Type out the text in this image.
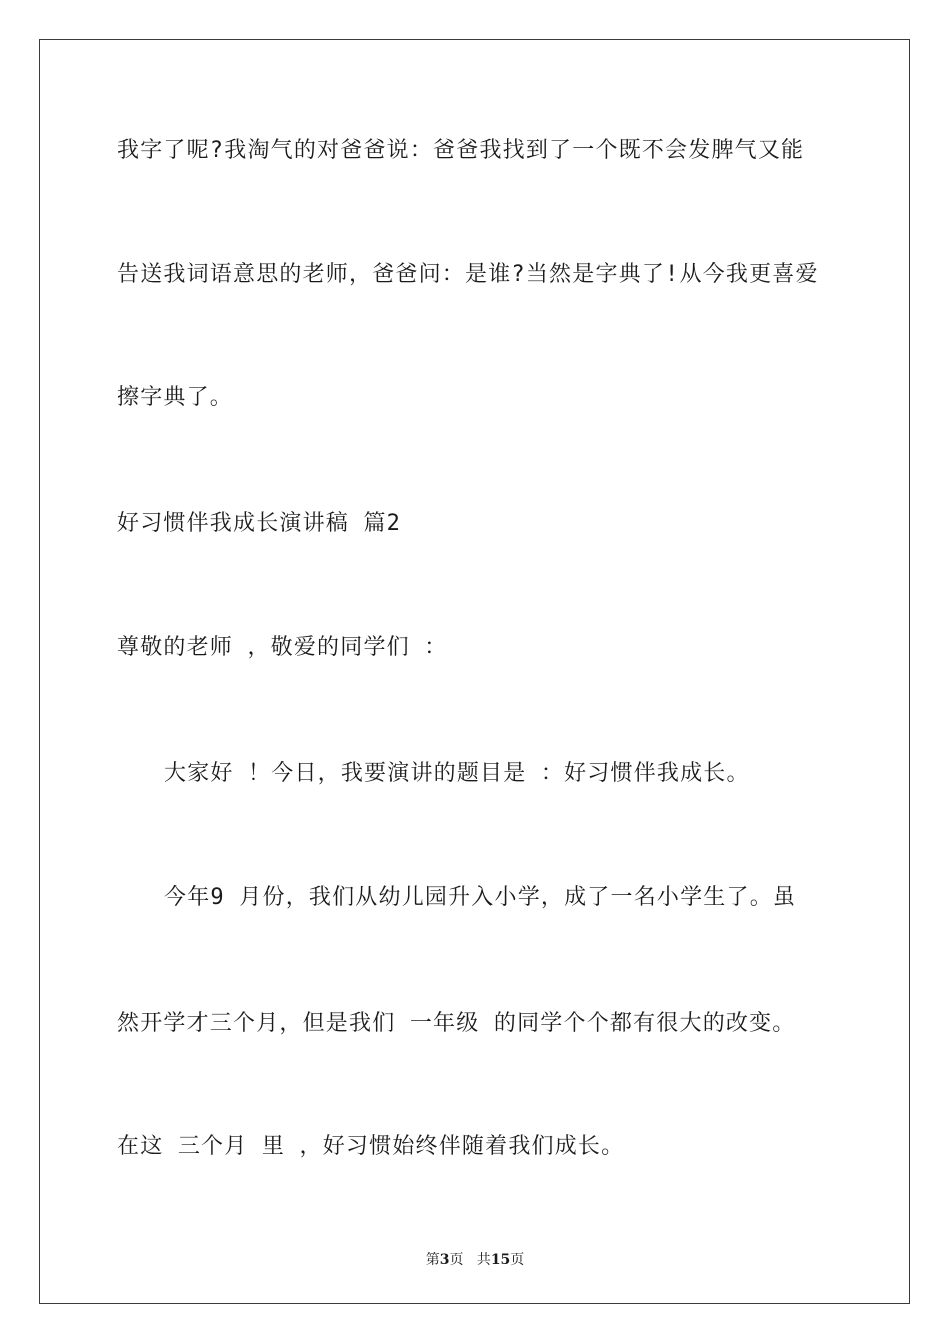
我字了呢?我淘气的对爸爸说：爸爸我找到了一个既不会发脾气又能
告送我词语意思的老师，爸爸问：是谁?当然是字典了!从今我更喜爱
擦字典了。
好习惯伴我成长演讲稿 篇2
尊敬的老师 ，敬爱的同学们 ：
大家好 ！今日，我要演讲的题目是 ：好习惯伴我成长。
今年9 月份，我们从幼儿园升入小学，成了一名小学生了。虽
然开学才三个月，但是我们 一年级 的同学个个都有很大的改变。
在这 三个月 里 ，好习惯始终伴随着我们成长。
第3页   共15页
